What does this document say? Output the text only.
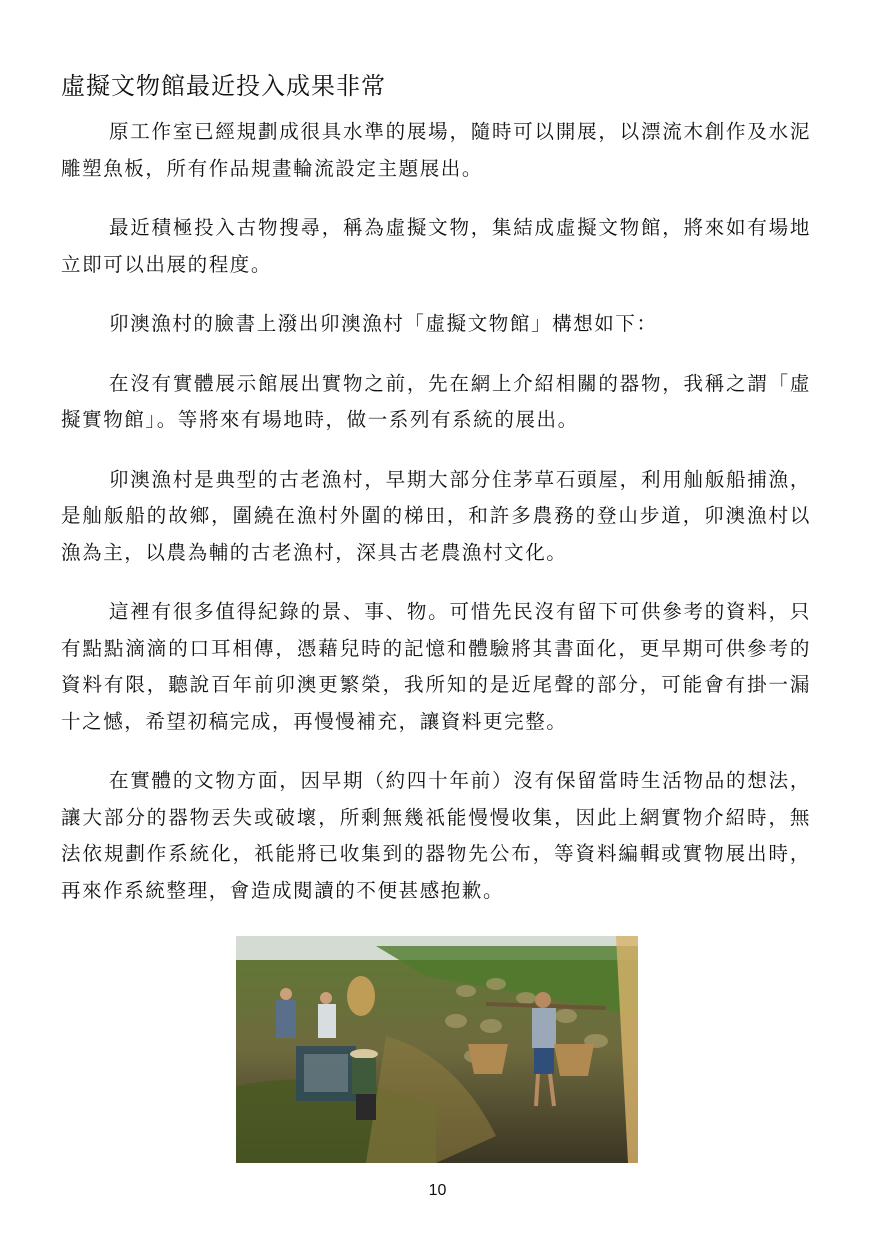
虛擬文物館最近投入成果非常

原工作室已經規劃成很具水準的展場，隨時可以開展，以漂流木創作及水泥雕塑魚板，所有作品規畫輪流設定主題展出。

最近積極投入古物搜尋，稱為虛擬文物，集結成虛擬文物館，將來如有場地立即可以出展的程度。

卯澳漁村的臉書上潑出卯澳漁村「虛擬文物館」構想如下：

在沒有實體展示館展出實物之前，先在網上介紹相關的器物，我稱之謂「虛擬實物館」。等將來有場地時，做一系列有系統的展出。

卯澳漁村是典型的古老漁村，早期大部分住茅草石頭屋，利用舢舨船捕漁，是舢舨船的故鄉，圍繞在漁村外圍的梯田，和許多農務的登山步道，卯澳漁村以漁為主，以農為輔的古老漁村，深具古老農漁村文化。

這裡有很多值得紀錄的景、事、物。可惜先民沒有留下可供參考的資料，只有點點滴滴的口耳相傳，憑藉兒時的記憶和體驗將其書面化，更早期可供參考的資料有限，聽說百年前卯澳更繁榮，我所知的是近尾聲的部分，可能會有掛一漏十之憾，希望初稿完成，再慢慢補充，讓資料更完整。

在實體的文物方面，因早期（約四十年前）沒有保留當時生活物品的想法，讓大部分的器物丟失或破壞，所剩無幾祇能慢慢收集，因此上網實物介紹時，無法依規劃作系統化，祇能將已收集到的器物先公布，等資料編輯或實物展出時，再來作系統整理，會造成閱讀的不便甚感抱歉。

10
